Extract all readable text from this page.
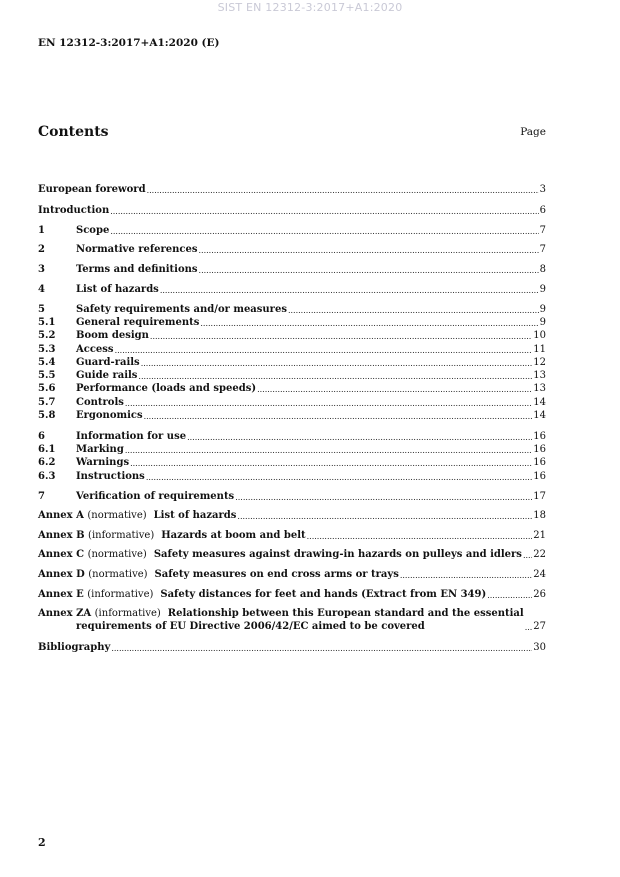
SIST EN 12312-3:2017+A1:2020
EN 12312-3:2017+A1:2020 (E)
Contents	Page
European foreword .....	3
Introduction .....	6
1	Scope .....	7
2	Normative references .....	7
3	Terms and definitions .....	8
4	List of hazards .....	9
5	Safety requirements and/or measures .....	9
5.1	General requirements .....	9
5.2	Boom design .....	10
5.3	Access .....	11
5.4	Guard-rails .....	12
5.5	Guide rails .....	13
5.6	Performance (loads and speeds) .....	13
5.7	Controls .....	14
5.8	Ergonomics .....	14
6	Information for use .....	16
6.1	Marking .....	16
6.2	Warnings .....	16
6.3	Instructions .....	16
7	Verification of requirements .....	17
Annex A (normative) List of hazards .....	18
Annex B (informative) Hazards at boom and belt .....	21
Annex C (normative) Safety measures against drawing-in hazards on pulleys and idlers ..... 22
Annex D (normative) Safety measures on end cross arms or trays .....	24
Annex E (informative) Safety distances for feet and hands (Extract from EN 349) .....	26
Annex ZA (informative) Relationship between this European standard and the essential
requirements of EU Directive 2006/42/EC aimed to be covered .....	27
Bibliography .....	30
2
